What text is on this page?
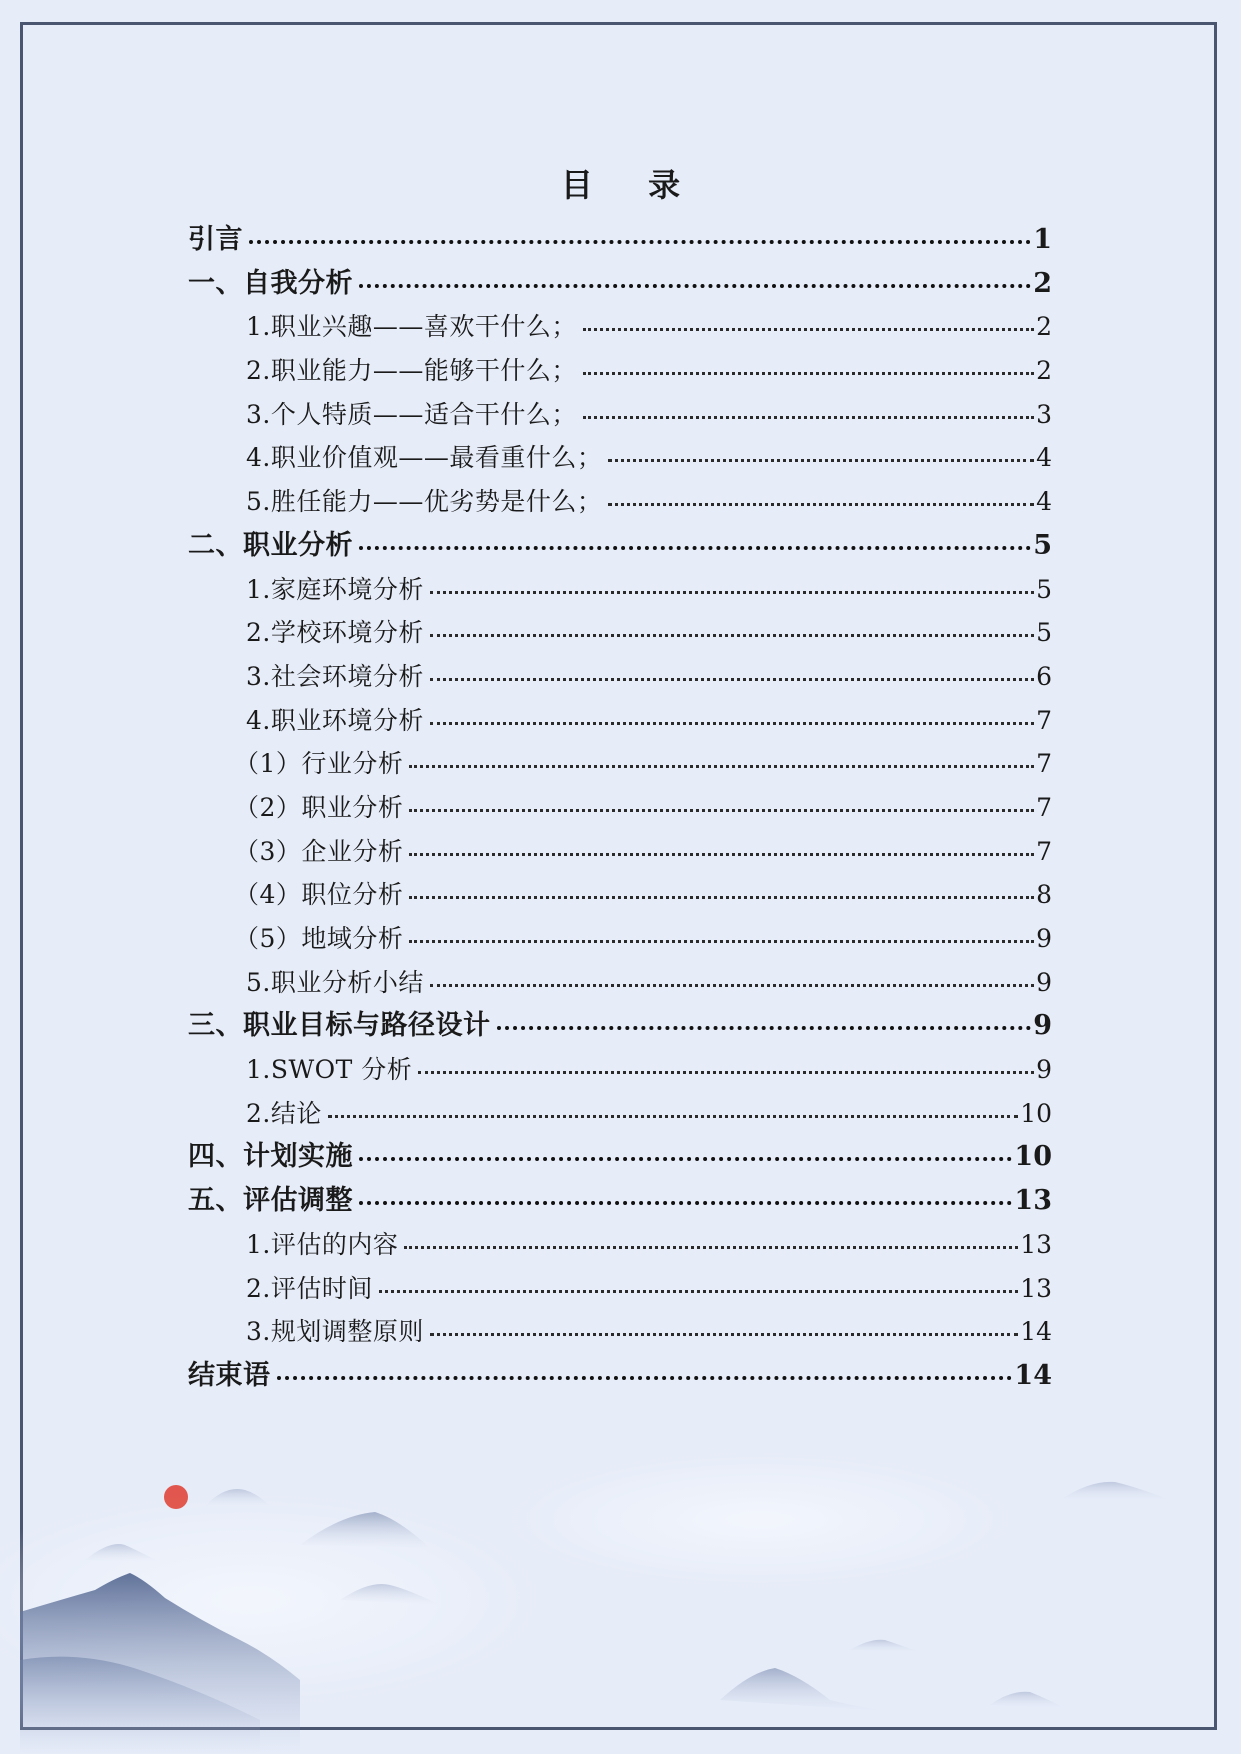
目 录
引言	1
一、自我分析	2
1.职业兴趣——喜欢干什么；	2
2.职业能力——能够干什么；	2
3.个人特质——适合干什么；	3
4.职业价值观——最看重什么；	4
5.胜任能力——优劣势是什么；	4
二、职业分析	5
1.家庭环境分析	5
2.学校环境分析	5
3.社会环境分析	6
4.职业环境分析	7
（1）行业分析	7
（2）职业分析	7
（3）企业分析	7
（4）职位分析	8
（5）地域分析	9
5.职业分析小结	9
三、职业目标与路径设计	9
1.SWOT 分析	9
2.结论	10
四、计划实施	10
五、评估调整	13
1.评估的内容	13
2.评估时间	13
3.规划调整原则	14
结束语	14
